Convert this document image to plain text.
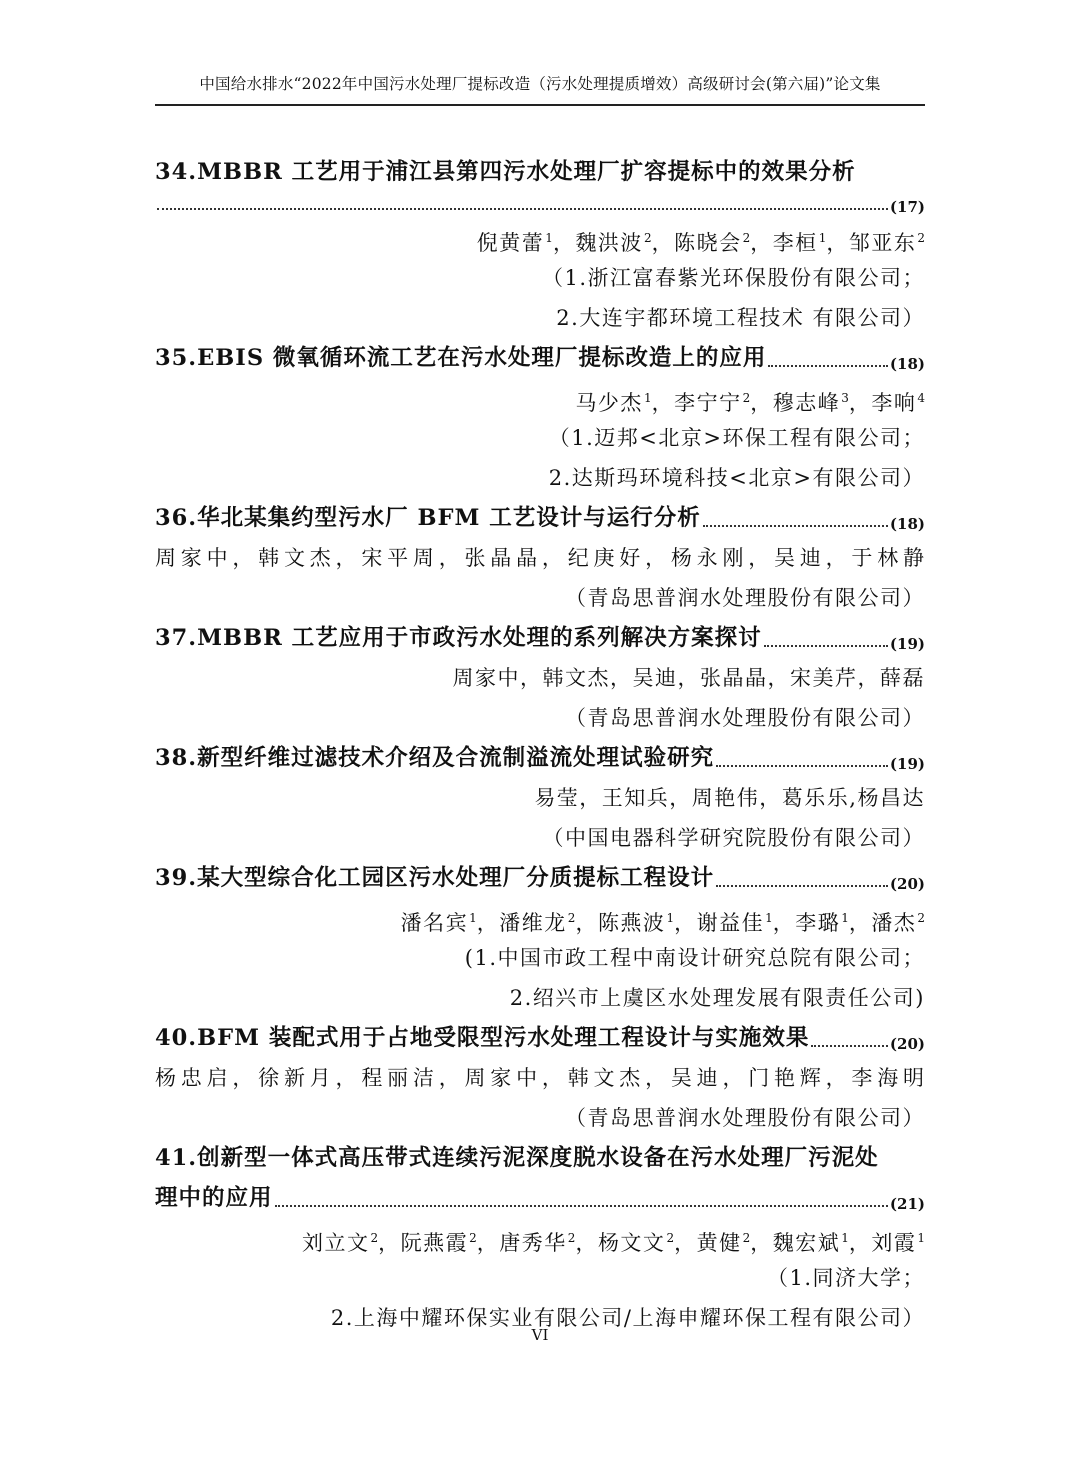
中国给水排水“2022年中国污水处理厂提标改造（污水处理提质增效）高级研讨会(第六届)”论文集
34.MBBR 工艺用于浦江县第四污水处理厂扩容提标中的效果分析
(17)
倪黄蕾$^1$，魏洪波$^2$，陈晓会$^2$，李桓$^1$，邹亚东$^2$
（1.浙江富春紫光环保股份有限公司；
2.大连宇都环境工程技术 有限公司）
35.EBIS 微氧循环流工艺在污水处理厂提标改造上的应用	(18)
马少杰$^1$，李宁宁$^2$，穆志峰$^3$，李响$^4$
（1.迈邦<北京>环保工程有限公司；
2.达斯玛环境科技<北京>有限公司）
36.华北某集约型污水厂 BFM 工艺设计与运行分析	(18)
周家中，韩文杰，宋平周，张晶晶，纪庚好，杨永刚，吴迪，于林静
（青岛思普润水处理股份有限公司）
37.MBBR 工艺应用于市政污水处理的系列解决方案探讨	(19)
周家中，韩文杰，吴迪，张晶晶，宋美芹，薛磊
（青岛思普润水处理股份有限公司）
38.新型纤维过滤技术介绍及合流制溢流处理试验研究	(19)
易莹，王知兵，周艳伟，葛乐乐,杨昌达
（中国电器科学研究院股份有限公司）
39.某大型综合化工园区污水处理厂分质提标工程设计	(20)
潘名宾$^1$，潘维龙$^2$，陈燕波$^1$，谢益佳$^1$，李璐$^1$，潘杰$^2$
(1.中国市政工程中南设计研究总院有限公司；
2.绍兴市上虞区水处理发展有限责任公司)
40.BFM 装配式用于占地受限型污水处理工程设计与实施效果	(20)
杨忠启，徐新月，程丽洁，周家中，韩文杰，吴迪，门艳辉，李海明
（青岛思普润水处理股份有限公司）
41.创新型一体式高压带式连续污泥深度脱水设备在污水处理厂污泥处
理中的应用	(21)
刘立文$^2$，阮燕霞$^2$，唐秀华$^2$，杨文文$^2$，黄健$^2$，魏宏斌$^1$，刘霞$^1$
（1.同济大学；
2.上海中耀环保实业有限公司/上海申耀环保工程有限公司）
VI
